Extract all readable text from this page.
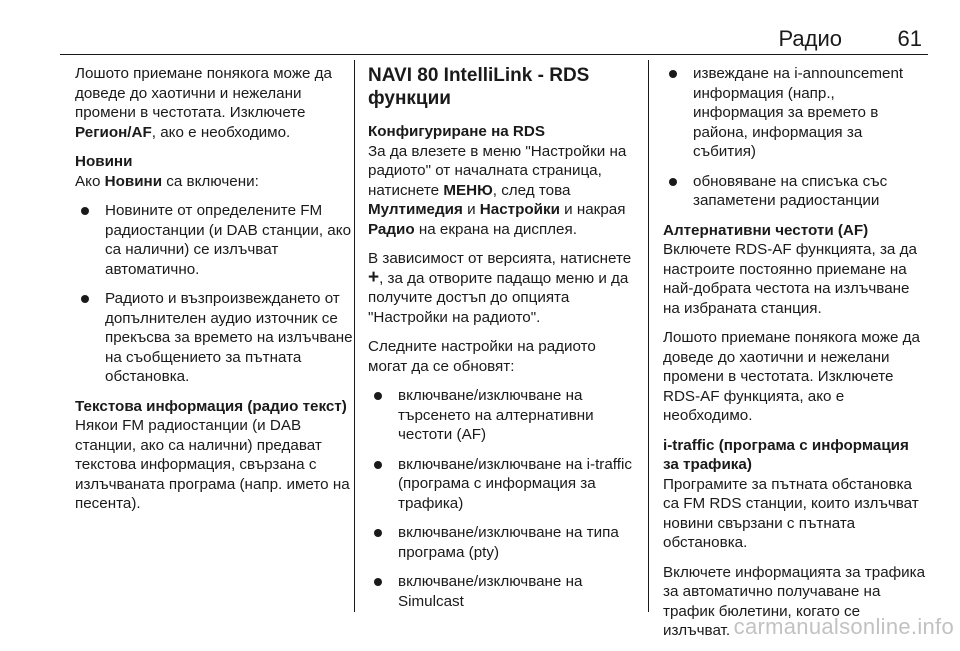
Радио	61

Лошото приемане понякога може да доведе до хаотични и нежелани промени в честотата. Изключете Регион/AF, ако е необходимо.

Новини

Ако Новини са включени:

Новините от определените FM радиостанции (и DAB станции, ако са налични) се излъчват автоматично.
Радиото и възпроизвеждането от допълнителен аудио източник се прекъсва за времето на излъчване на съобщението за пътната обстановка.
Текстова информация (радио текст)

Някои FM радиостанции (и DAB станции, ако са налични) предават текстова информация, свързана с излъчваната програма (напр. името на песента).

NAVI 80 IntelliLink - RDS функции
Конфигуриране на RDS

За да влезете в меню "Настройки на радиото" от началната страница, натиснете МЕНЮ, след това Мултимедия и Настройки и накрая Радио на екрана на дисплея.

В зависимост от версията, натиснете +, за да отворите падащо меню и да получите достъп до опцията "Настройки на радиото".

Следните настройки на радиото могат да се обновят:

включване/изключване на търсенето на алтернативни честоти (AF)
включване/изключване на i-traffic (програма с информация за трафика)
включване/изключване на типа програма (pty)
включване/изключване на Simulcast
извеждане на i-announcement информация (напр., информация за времето в района, информация за събития)
обновяване на списъка със запаметени радиостанции
Алтернативни честоти (AF)

Включете RDS-AF функцията, за да настроите постоянно приемане на най-добрата честота на излъчване на избраната станция.

Лошото приемане понякога може да доведе до хаотични и нежелани промени в честотата. Изключете RDS-AF функцията, ако е необходимо.

i-traffic (програма с информация за трафика)

Програмите за пътната обстановка са FM RDS станции, които излъчват новини свързани с пътната обстановка.

Включете информацията за трафика за автоматично получаване на трафик бюлетини, когато се излъчват. carmanualsonline.info
